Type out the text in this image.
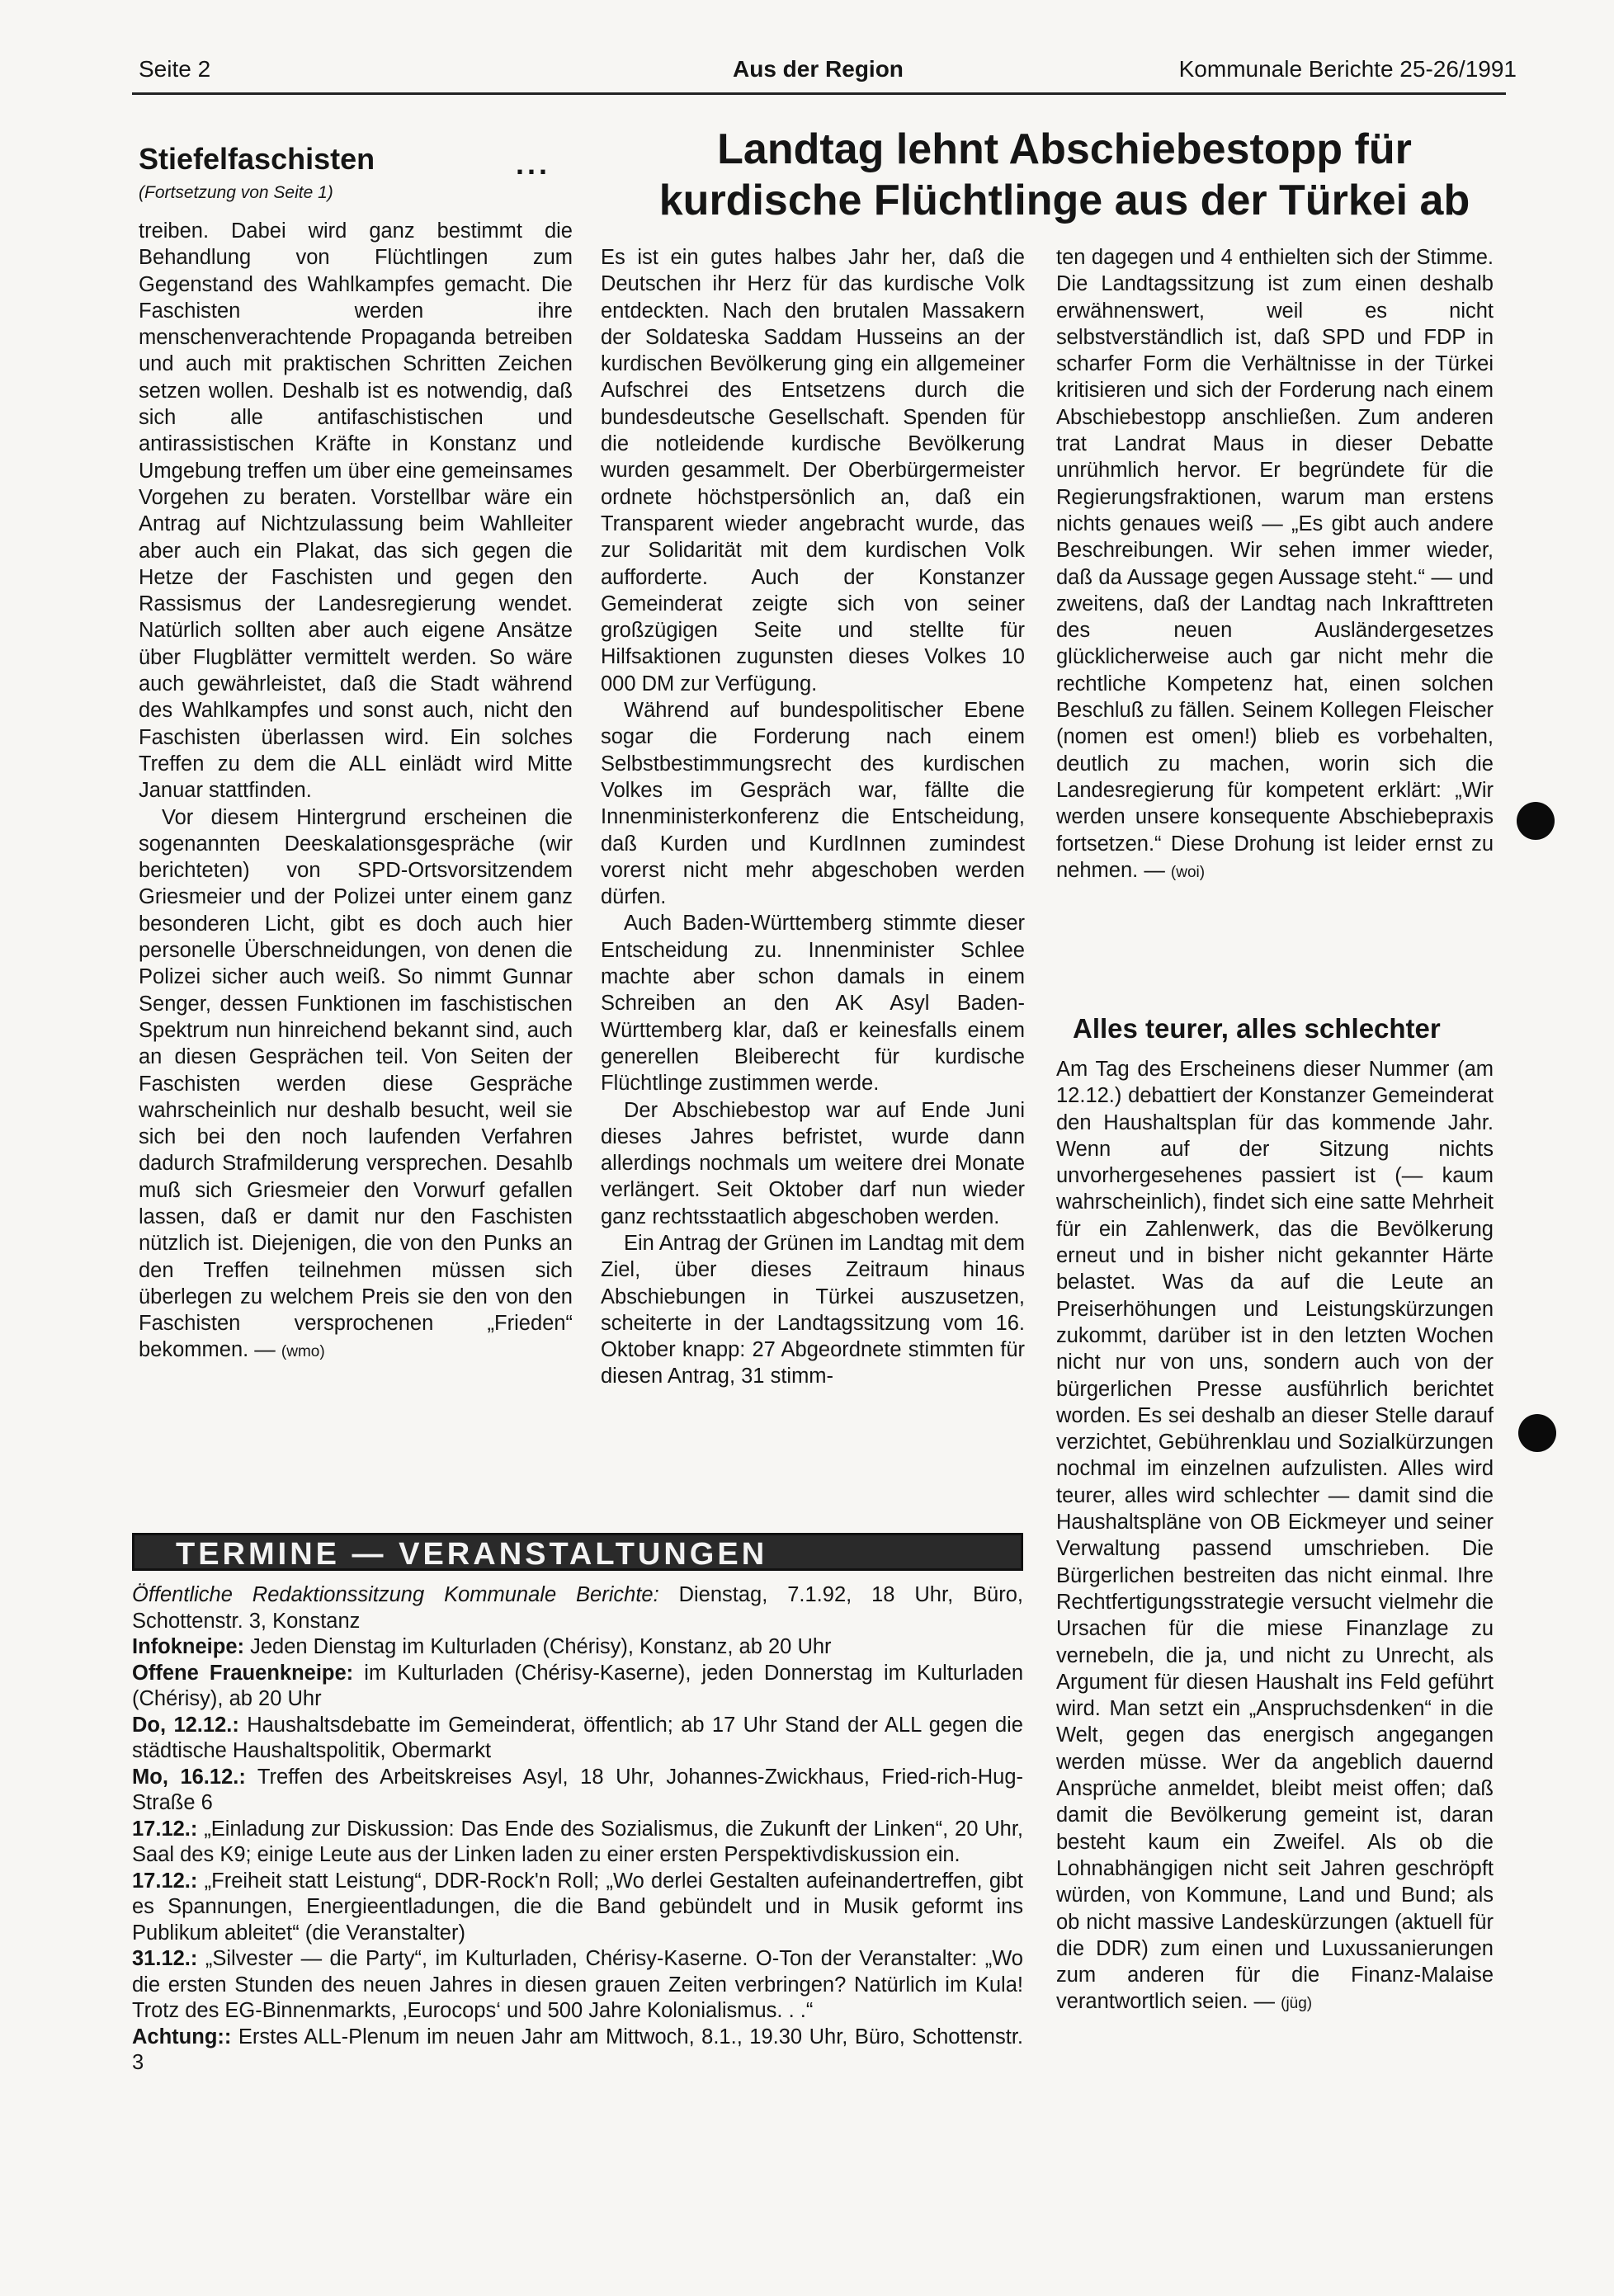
Seite 2	Aus der Region	Kommunale Berichte 25-26/1991
Stiefelfaschisten	...
(Fortsetzung von Seite 1)

treiben. Dabei wird ganz bestimmt die Behandlung von Flüchtlingen zum Gegenstand des Wahlkampfes gemacht. Die Faschisten werden ihre menschenverachtende Propaganda betreiben und auch mit praktischen Schritten Zeichen setzen wollen. Deshalb ist es notwendig, daß sich alle antifaschistischen und antirassistischen Kräfte in Konstanz und Umgebung treffen um über eine gemeinsames Vorgehen zu beraten. Vorstellbar wäre ein Antrag auf Nichtzulassung beim Wahlleiter aber auch ein Plakat, das sich gegen die Hetze der Faschisten und gegen den Rassismus der Landesregierung wendet. Natürlich sollten aber auch eigene Ansätze über Flugblätter vermittelt werden. So wäre auch gewährleistet, daß die Stadt während des Wahlkampfes und sonst auch, nicht den Faschisten überlassen wird. Ein solches Treffen zu dem die ALL einlädt wird Mitte Januar stattfinden.

Vor diesem Hintergrund erscheinen die sogenannten Deeskalationsgespräche (wir berichteten) von SPD-Ortsvorsitzendem Griesmeier und der Polizei unter einem ganz besonderen Licht, gibt es doch auch hier personelle Überschneidungen, von denen die Polizei sicher auch weiß. So nimmt Gunnar Senger, dessen Funktionen im faschistischen Spektrum nun hinreichend bekannt sind, auch an diesen Gesprächen teil. Von Seiten der Faschisten werden diese Gespräche wahrscheinlich nur deshalb besucht, weil sie sich bei den noch laufenden Verfahren dadurch Strafmilderung versprechen. Desahlb muß sich Griesmeier den Vorwurf gefallen lassen, daß er damit nur den Faschisten nützlich ist. Diejenigen, die von den Punks an den Treffen teilnehmen müssen sich überlegen zu welchem Preis sie den von den Faschisten versprochenen „Frieden“ bekommen. — (wmo)

Landtag lehnt Abschiebestopp für
kurdische Flüchtlinge aus der Türkei ab

Es ist ein gutes halbes Jahr her, daß die Deutschen ihr Herz für das kurdische Volk entdeckten. Nach den brutalen Massakern der Soldateska Saddam Husseins an der kurdischen Bevölkerung ging ein allgemeiner Aufschrei des Entsetzens durch die bundesdeutsche Gesellschaft. Spenden für die notleidende kurdische Bevölkerung wurden gesammelt. Der Oberbürgermeister ordnete höchstpersönlich an, daß ein Transparent wieder angebracht wurde, das zur Solidarität mit dem kurdischen Volk aufforderte. Auch der Konstanzer Gemeinderat zeigte sich von seiner großzügigen Seite und stellte für Hilfsaktionen zugunsten dieses Volkes 10 000 DM zur Verfügung.

Während auf bundespolitischer Ebene sogar die Forderung nach einem Selbstbestimmungsrecht des kurdischen Volkes im Gespräch war, fällte die Innenministerkonferenz die Entscheidung, daß Kurden und KurdInnen zumindest vorerst nicht mehr abgeschoben werden dürfen.

Auch Baden-Württemberg stimmte dieser Entscheidung zu. Innenminister Schlee machte aber schon damals in einem Schreiben an den AK Asyl Baden-Württemberg klar, daß er keinesfalls einem generellen Bleiberecht für kurdische Flüchtlinge zustimmen werde.

Der Abschiebestop war auf Ende Juni dieses Jahres befristet, wurde dann allerdings nochmals um weitere drei Monate verlängert. Seit Oktober darf nun wieder ganz rechtsstaatlich abgeschoben werden.

Ein Antrag der Grünen im Landtag mit dem Ziel, über dieses Zeitraum hinaus Abschiebungen in Türkei auszusetzen, scheiterte in der Landtagssitzung vom 16. Oktober knapp: 27 Abgeordnete stimmten für diesen Antrag, 31 stimm-

ten dagegen und 4 enthielten sich der Stimme. Die Landtagssitzung ist zum einen deshalb erwähnenswert, weil es nicht selbstverständlich ist, daß SPD und FDP in scharfer Form die Verhältnisse in der Türkei kritisieren und sich der Forderung nach einem Abschiebestopp anschließen. Zum anderen trat Landrat Maus in dieser Debatte unrühmlich hervor. Er begründete für die Regierungsfraktionen, warum man erstens nichts genaues weiß — „Es gibt auch andere Beschreibungen. Wir sehen immer wieder, daß da Aussage gegen Aussage steht.“ — und zweitens, daß der Landtag nach Inkrafttreten des neuen Ausländergesetzes glücklicherweise auch gar nicht mehr die rechtliche Kompetenz hat, einen solchen Beschluß zu fällen. Seinem Kollegen Fleischer (nomen est omen!) blieb es vorbehalten, deutlich zu machen, worin sich die Landesregierung für kompetent erklärt: „Wir werden unsere konsequente Abschiebepraxis fortsetzen.“ Diese Drohung ist leider ernst zu nehmen. — (woi)

Alles teurer, alles schlechter

Am Tag des Erscheinens dieser Nummer (am 12.12.) debattiert der Konstanzer Gemeinderat den Haushaltsplan für das kommende Jahr. Wenn auf der Sitzung nichts unvorhergesehenes passiert ist (— kaum wahrscheinlich), findet sich eine satte Mehrheit für ein Zahlenwerk, das die Bevölkerung erneut und in bisher nicht gekannter Härte belastet. Was da auf die Leute an Preiserhöhungen und Leistungskürzungen zukommt, darüber ist in den letzten Wochen nicht nur von uns, sondern auch von der bürgerlichen Presse ausführlich berichtet worden. Es sei deshalb an dieser Stelle darauf verzichtet, Gebührenklau und Sozialkürzungen nochmal im einzelnen aufzulisten. Alles wird teurer, alles wird schlechter — damit sind die Haushaltspläne von OB Eickmeyer und seiner Verwaltung passend umschrieben. Die Bürgerlichen bestreiten das nicht einmal. Ihre Rechtfertigungsstrategie versucht vielmehr die Ursachen für die miese Finanzlage zu vernebeln, die ja, und nicht zu Unrecht, als Argument für diesen Haushalt ins Feld geführt wird. Man setzt ein „Anspruchsdenken“ in die Welt, gegen das energisch angegangen werden müsse. Wer da angeblich dauernd Ansprüche anmeldet, bleibt meist offen; daß damit die Bevölkerung gemeint ist, daran besteht kaum ein Zweifel. Als ob die Lohnabhängigen nicht seit Jahren geschröpft würden, von Kommune, Land und Bund; als ob nicht massive Landeskürzungen (aktuell für die DDR) zum einen und Luxussanierungen zum anderen für die Finanz-Malaise verantwortlich seien. — (jüg)

TERMINE — VERANSTALTUNGEN

Öffentliche Redaktionssitzung Kommunale Berichte: Dienstag, 7.1.92, 18 Uhr, Büro, Schottenstr. 3, Konstanz

Infokneipe: Jeden Dienstag im Kulturladen (Chérisy), Konstanz, ab 20 Uhr

Offene Frauenkneipe: im Kulturladen (Chérisy-Kaserne), jeden Donnerstag im Kulturladen (Chérisy), ab 20 Uhr

Do, 12.12.: Haushaltsdebatte im Gemeinderat, öffentlich; ab 17 Uhr Stand der ALL gegen die städtische Haushaltspolitik, Obermarkt

Mo, 16.12.: Treffen des Arbeitskreises Asyl, 18 Uhr, Johannes-Zwickhaus, Fried-rich-Hug-Straße 6

17.12.: „Einladung zur Diskussion: Das Ende des Sozialismus, die Zukunft der Linken“, 20 Uhr, Saal des K9; einige Leute aus der Linken laden zu einer ersten Perspektivdiskussion ein.

17.12.: „Freiheit statt Leistung“, DDR-Rock'n Roll; „Wo derlei Gestalten aufeinandertreffen, gibt es Spannungen, Energieentladungen, die die Band gebündelt und in Musik geformt ins Publikum ableitet“ (die Veranstalter)

31.12.: „Silvester — die Party“, im Kulturladen, Chérisy-Kaserne. O-Ton der Veranstalter: „Wo die ersten Stunden des neuen Jahres in diesen grauen Zeiten verbringen? Natürlich im Kula! Trotz des EG-Binnenmarkts, ‚Eurocops‘ und 500 Jahre Kolonialismus. . .“

Achtung:: Erstes ALL-Plenum im neuen Jahr am Mittwoch, 8.1., 19.30 Uhr, Büro, Schottenstr. 3
